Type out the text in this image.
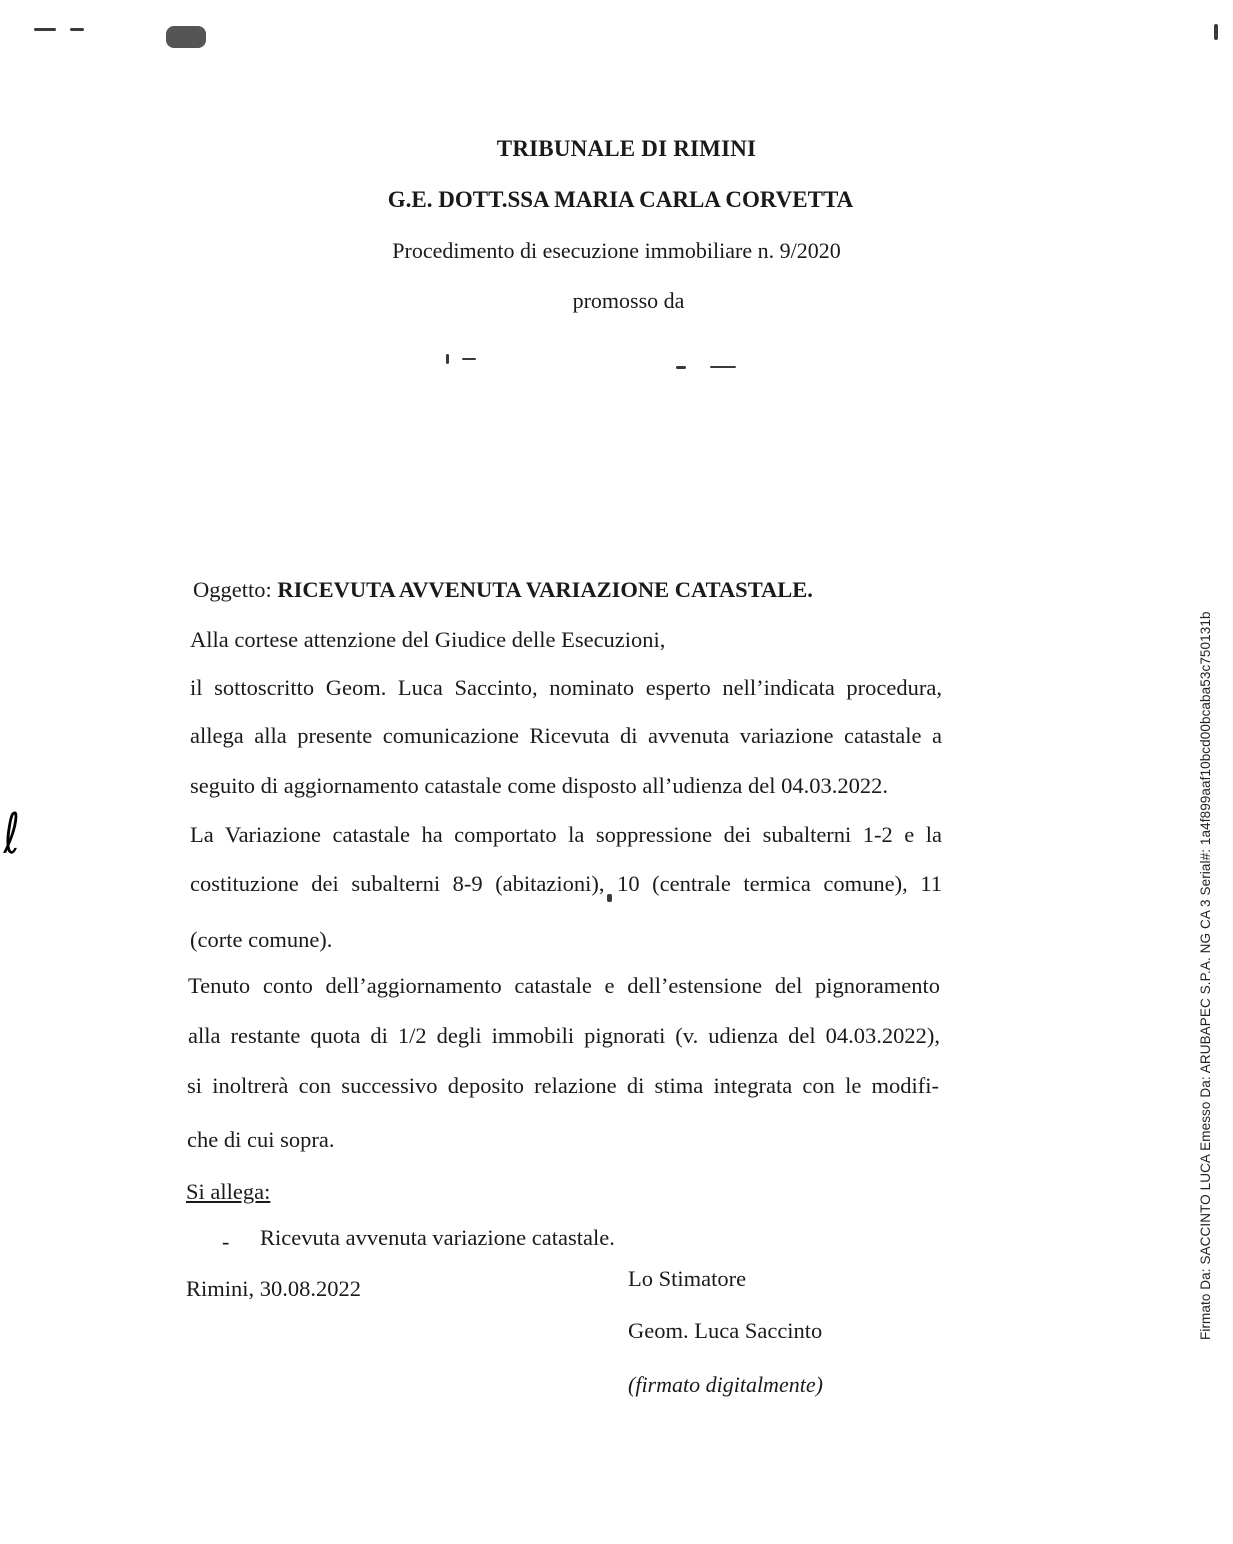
ℓ
TRIBUNALE DI RIMINI
G.E. DOTT.SSA MARIA CARLA CORVETTA
Procedimento di esecuzione immobiliare n. 9/2020
promosso da
Oggetto: RICEVUTA AVVENUTA VARIAZIONE CATASTALE.
Alla cortese attenzione del Giudice delle Esecuzioni,
il sottoscritto Geom. Luca Saccinto, nominato esperto nell’indicata procedura,
allega alla presente comunicazione Ricevuta di avvenuta variazione catastale a
seguito di aggiornamento catastale come disposto all’udienza del 04.03.2022.
La Variazione catastale ha comportato la soppressione dei subalterni 1-2 e la
costituzione dei subalterni 8-9 (abitazioni), 10 (centrale termica comune), 11
(corte comune).
Tenuto conto dell’aggiornamento catastale e dell’estensione del pignoramento
alla restante quota di 1/2 degli immobili pignorati (v. udienza del 04.03.2022),
si inoltrerà con successivo deposito relazione di stima integrata con le modifi-
che di cui sopra.
Si allega:
- Ricevuta avvenuta variazione catastale.
Rimini, 30.08.2022	Lo Stimatore
Geom. Luca Saccinto
(firmato digitalmente)
Firmato Da: SACCINTO LUCA Emesso Da: ARUBAPEC S.P.A. NG CA 3 Serial#: 1a4f899aaf10bcd00bcaba53c750131b
